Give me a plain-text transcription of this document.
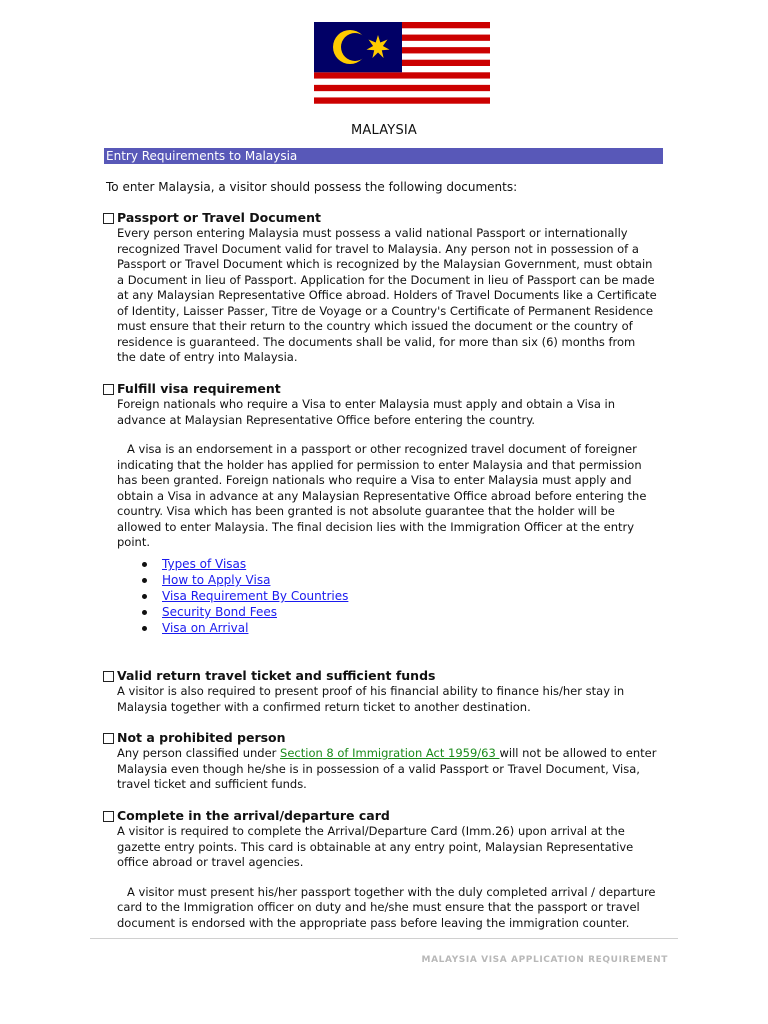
MALAYSIA
Entry Requirements to Malaysia
To enter Malaysia, a visitor should possess the following documents:
Passport or Travel Document
Every person entering Malaysia must possess a valid national Passport or internationally recognized Travel Document valid for travel to Malaysia. Any person not in possession of a Passport or Travel Document which is recognized by the Malaysian Government, must obtain a Document in lieu of Passport. Application for the Document in lieu of Passport can be made at any Malaysian Representative Office abroad. Holders of Travel Documents like a Certificate of Identity, Laisser Passer, Titre de Voyage or a Country's Certificate of Permanent Residence must ensure that their return to the country which issued the document or the country of residence is guaranteed. The documents shall be valid, for more than six (6) months from the date of entry into Malaysia.
Fulfill visa requirement
Foreign nationals who require a Visa to enter Malaysia must apply and obtain a Visa in advance at Malaysian Representative Office before entering the country.
A visa is an endorsement in a passport or other recognized travel document of foreigner indicating that the holder has applied for permission to enter Malaysia and that permission has been granted. Foreign nationals who require a Visa to enter Malaysia must apply and obtain a Visa in advance at any Malaysian Representative Office abroad before entering the country. Visa which has been granted is not absolute guarantee that the holder will be allowed to enter Malaysia. The final decision lies with the Immigration Officer at the entry point.
Types of Visas
How to Apply Visa
Visa Requirement By Countries
Security Bond Fees
Visa on Arrival
Valid return travel ticket and sufficient funds
A visitor is also required to present proof of his financial ability to finance his/her stay in Malaysia together with a confirmed return ticket to another destination.
Not a prohibited person
Any person classified under Section 8 of Immigration Act 1959/63 will not be allowed to enter Malaysia even though he/she is in possession of a valid Passport or Travel Document, Visa, travel ticket and sufficient funds.
Complete in the arrival/departure card
A visitor is required to complete the Arrival/Departure Card (Imm.26) upon arrival at the gazette entry points. This card is obtainable at any entry point, Malaysian Representative office abroad or travel agencies.
A visitor must present his/her passport together with the duly completed arrival / departure card to the Immigration officer on duty and he/she must ensure that the passport or travel document is endorsed with the appropriate pass before leaving the immigration counter.
MALAYSIA VISA APPLICATION REQUIREMENT
